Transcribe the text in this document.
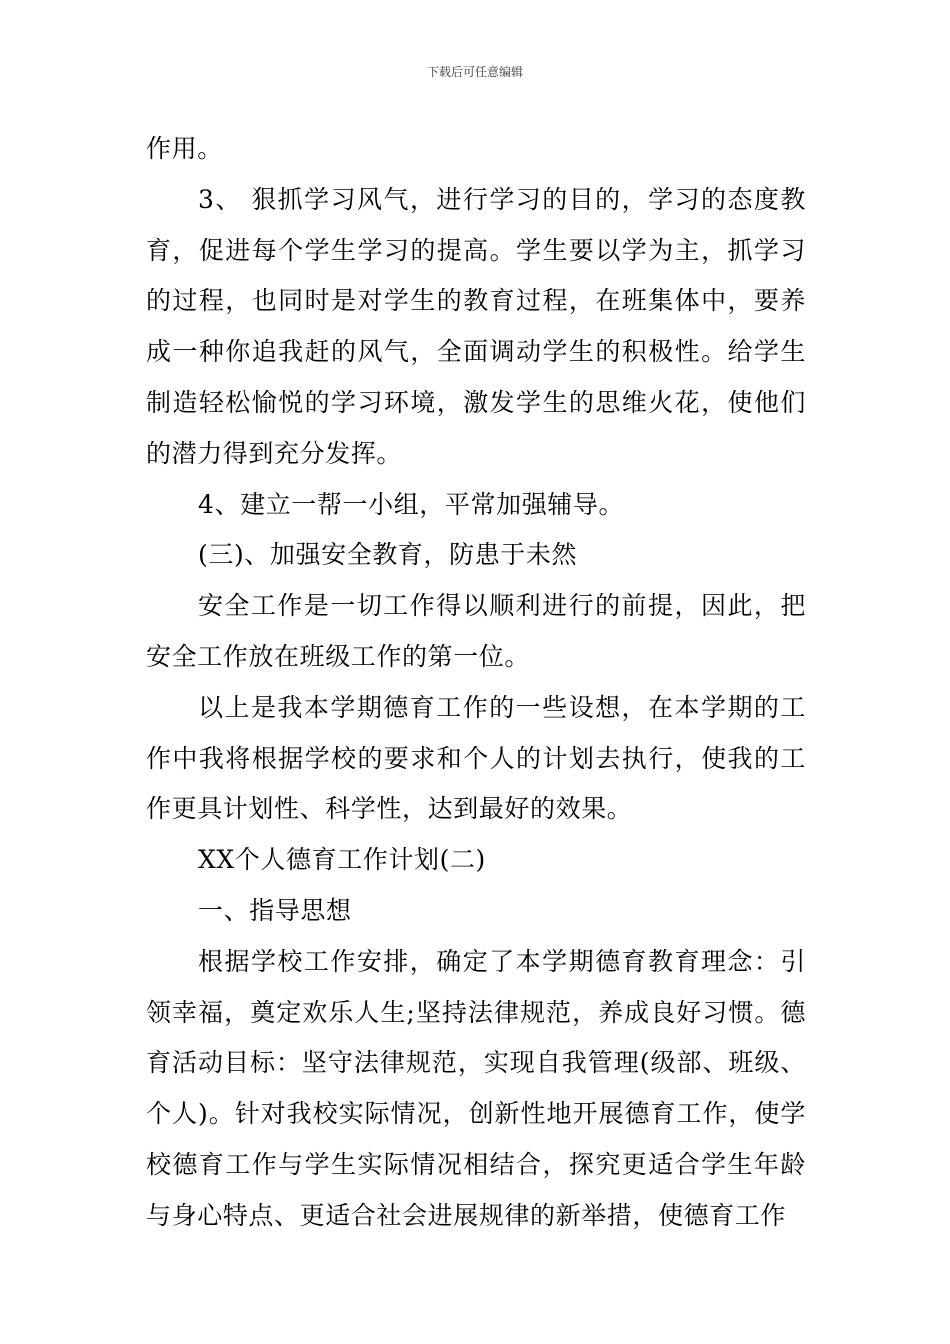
下载后可任意编辑

作用。

3、 狠抓学习风气，进行学习的目的，学习的态度教育，促进每个学生学习的提高。学生要以学为主，抓学习的过程，也同时是对学生的教育过程，在班集体中，要养成一种你追我赶的风气，全面调动学生的积极性。给学生制造轻松愉悦的学习环境，激发学生的思维火花，使他们的潜力得到充分发挥。

4、建立一帮一小组，平常加强辅导。

(三)、加强安全教育，防患于未然

安全工作是一切工作得以顺利进行的前提，因此，把安全工作放在班级工作的第一位。

以上是我本学期德育工作的一些设想，在本学期的工作中我将根据学校的要求和个人的计划去执行，使我的工作更具计划性、科学性，达到最好的效果。

XX个人德育工作计划(二)

一、指导思想

根据学校工作安排，确定了本学期德育教育理念：引领幸福，奠定欢乐人生;坚持法律规范，养成良好习惯。德育活动目标：坚守法律规范，实现自我管理(级部、班级、个人)。针对我校实际情况，创新性地开展德育工作，使学校德育工作与学生实际情况相结合，探究更适合学生年龄与身心特点、更适合社会进展规律的新举措，使德育工作
